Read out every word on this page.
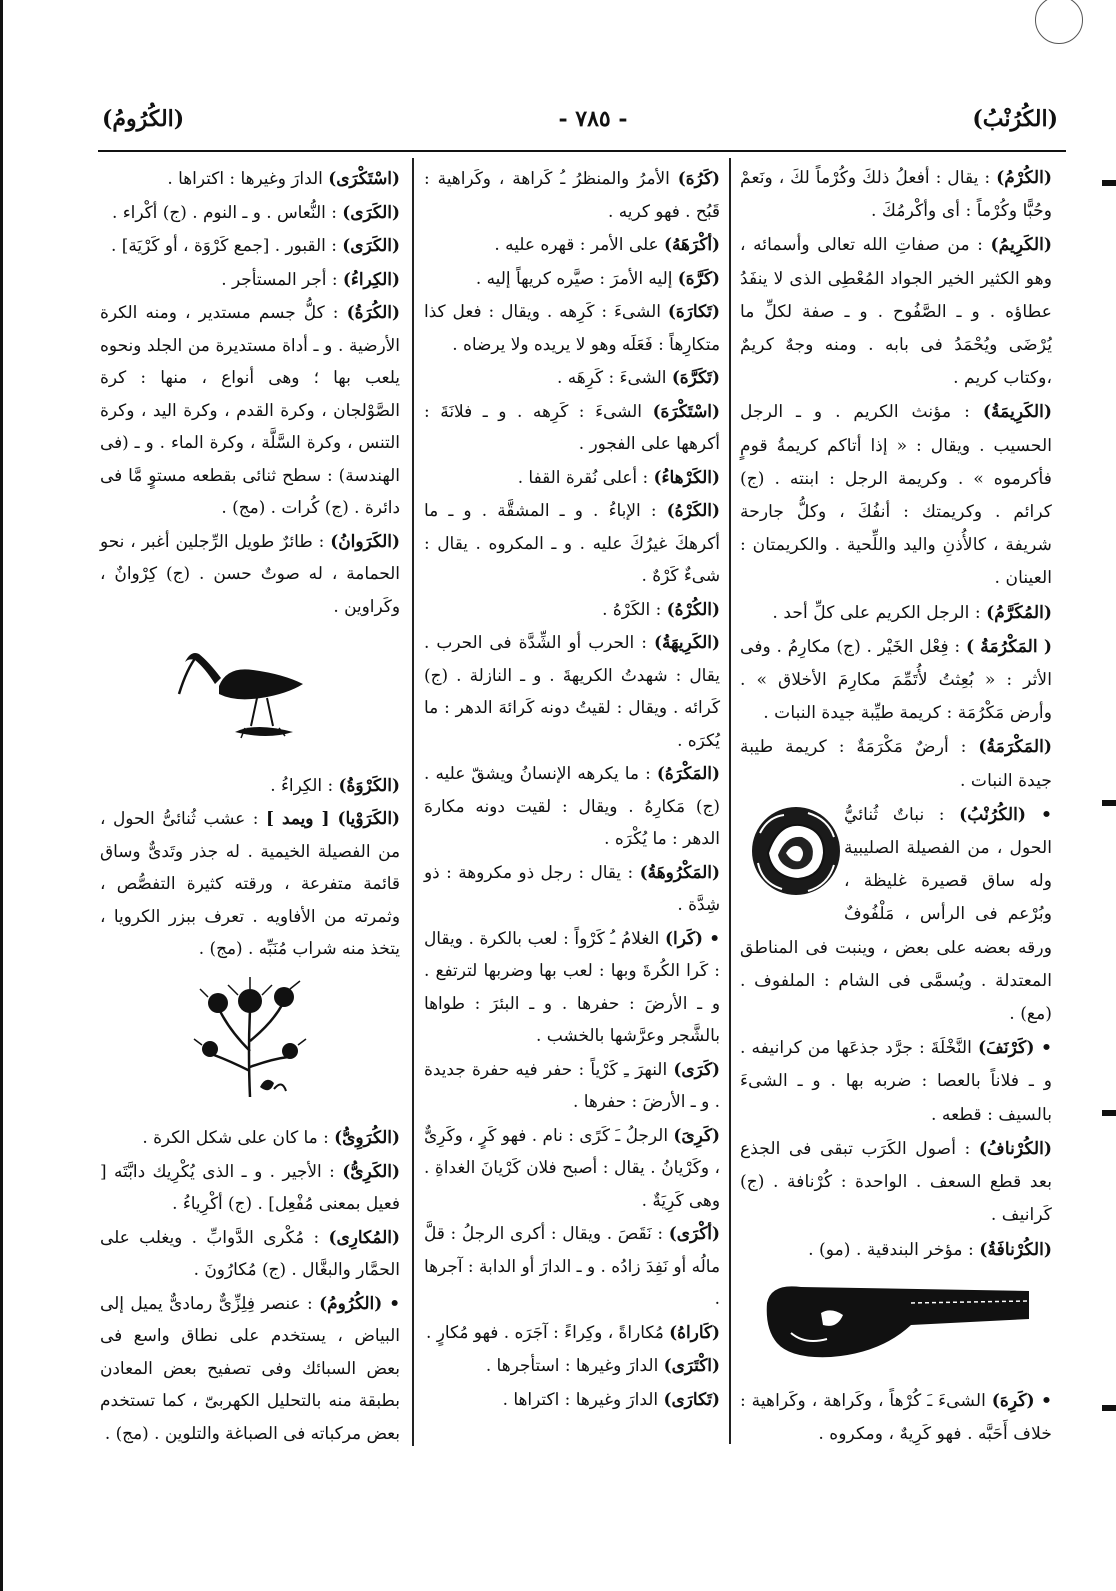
(الكُرُنْبُ)
- ٧٨٥ -
(الكُرُومُ)
(الكُرْمُ) : يقال : أفعلُ ذلكَ وكُرْماً لكَ ، ونَعمْ وحُبًّا وكُرْماً : أى وأكْرمُكَ .
(الكَرِيمُ) : من صفاتِ الله تعالى وأسمائه ، وهو الكثير الخير الجواد المُعْطِى الذى لا ينفَدُ عطاؤه . و ـ الصَّفُوح . و ـ صفة لكلِّ ما يُرْضَى ويُحْمَدُ فى بابه . ومنه وجهٌ كريمٌ ،وكتاب كريم .
(الكَرِيمَةُ) : مؤنث الكريم . و ـ الرجل الحسيب . ويقال : « إذا أتاكم كريمةُ قومٍ فأكرموه » . وكريمة الرجل : ابنته . (ج) كرائم . وكريمتك : أنفُكَ ، وكلُّ جارحة شريفة ، كالأُذنِ واليد واللِّحية . والكريمتان : العينان .
(المُكَرَّمُ) : الرجل الكريم على كلِّ أحد .
( المَكْرُمَةُ ) : فِعْل الخَيْر . (ج) مكارِمُ . وفى الأثر : « بُعِثتُ لأُتَمِّمَ مكارِمَ الأخلاق » . وأرض مَكْرُمَة : كريمة طيِّبة جيدة النبات .
(المَكْرَمَةُ) : أرضٌ مَكْرَمَةٌ : كريمة طيبة جيدة النبات .
• (الكُرُنْبُ) : نباتٌ ثُنائيُّ الحول ، من الفصيلة الصليبية وله ساق قصيرة غليظة ، وبُرْعم فى الرأس ، مَلْفُوفٌ ورقه بعضه على بعض ، وينبت فى المناطق المعتدلة . ويُسمَّى فى الشام : الملفوف . (مع) .
• (كَرْنَفَ) النَّخْلَةَ : جرَّد جذعَها من كرانيفه . و ـ فلاناً بالعصا : ضربه بها . و ـ الشىءَ بالسيف : قطعه .
(الكُرْنافُ) : أصول الكَرَب تبقى فى الجذع بعد قطع السعف . الواحدة : كُرْنافة . (ج) كَرانيف .
(الكُرْنافَةُ) : مؤخر البندقية . (مو) .
• (كَرِهَ) الشىءَ ـَ كُرْهاً ، وكَراهة ، وكَراهية : خلاف أَحَبَّه . فهو كَرِيهٌ ، ومكروه .
(كَرُهَ) الأمرُ والمنظرُ ـُ كَراهة ، وكَراهية : قَبُح . فهو كريه .
(أكْرَهَهُ) على الأمر : قهره عليه .
(كَرَّهَ) إليه الأمرَ : صيَّره كريهاً إليه .
(تَكارَهَ) الشىءَ : كَرِهه . ويقال : فعل كذا متكارِهاً : فَعَلَه وهو لا يريده ولا يرضاه .
(تَكَرَّهَ) الشىءَ : كَرِهَه .
(اسْتَكْرَهَ) الشىءَ : كَرِهه . و ـ فلانَةَ : أكرهها على الفجور .
(الكَرْهاءُ) : أعلى نُقرة القفا .
(الكَرْهُ) : الإباءُ . و ـ المشقَّة . و ـ ما أكرهكَ غيرُكَ عليه . و ـ المكروه . يقال : شىءٌ كَرْهٌ .
(الكُرْهُ) : الكَرْهُ .
(الكَرِيهَةُ) : الحرب أو الشِّدَّة فى الحرب . يقال : شهدتُ الكريهةَ . و ـ النازلة . (ج) كَرائه . ويقال : لقيتُ دونه كَرائهَ الدهر : ما يُكرَه .
(المَكْرَهُ) : ما يكرهه الإنسانُ ويشقّ عليه . (ج) مَكارِهُ . ويقال : لقيت دونه مكارهَ الدهر : ما يُكْرَه .
(المَكْرُوهَةُ) : يقال : رجل ذو مكروهة : ذو شِدَّة .
• (كَرا) الغلامُ ـُ كَرْواً : لعب بالكرة . ويقال : كَرا الكُرةَ وبها : لعب بها وضربها لترتفع . و ـ الأرضَ : حفرها . و ـ البئرَ : طواها بالشَّجر وعرَّشها بالخشب .
(كَرَى) النهرَ ـِ كَرْياً : حفر فيه حفرة جديدة . و ـ الأرضَ : حفرها .
(كَرِىَ) الرجلُ ـَ كَرًى : نام . فهو كَرٍ ، وكَرِىٌّ ، وكَرْيانُ . يقال : أصبح فلان كَرْيانَ الغداةِ . وهى كَرِيَةٌ .
(أكْرَى) : نَقَصَ . ويقال : أكرى الرجلُ : قلَّ مالُه أو نَفِدَ زادُه . و ـ الدارَ أو الدابة : آجرها .
(كَاراهُ) مُكاراةً ، وكِراءً : آجَرَه . فهو مُكارٍ .
(اكْتَرَى) الدارَ وغيرها : استأجرها .
(تَكارَى) الدارَ وغيرها : اكتراها .
(اسْتَكْرَى) الدارَ وغيرها : اكتراها .
(الكَرَى) : النُّعاس . و ـ النوم . (ج) أكْراء .
(الكَرَى) : القبور . [جمع كَرْوَة ، أو كَرْيَة] .
(الكِراءُ) : أجر المستأجر .
(الكُرَةُ) : كلُّ جسم مستدير ، ومنه الكرة الأرضية . و ـ أداة مستديرة من الجلد ونحوه يلعب بها ؛ وهى أنواع ، منها : كرة الصَّوْلجان ، وكرة القدم ، وكرة اليد ، وكرة التنس ، وكرة السَّلَّة ، وكرة الماء . و ـ (فى الهندسة) : سطح ثنائى بقطعه مستوٍ مَّا فى دائرة . (ج) كُرات . (مج) .
(الكَرَوانُ) : طائرٌ طويل الرِّجلين أغبر ، نحو الحمامة ، له صوتٌ حسن . (ج) كِرْوانٌ ، وكَراوين .
(الكَرْوَةُ) : الكِراءُ .
(الكَرَوْيا) [ ويمد ] : عشب ثُنائىُّ الحول ، من الفصيلة الخيمية . له جذر وتَدىٌّ وساق قائمة متفرعة ، ورقته كثيرة التفصُّص ، وثمرته من الأفاويه . تعرف ببزر الكرويا ، يتخذ منه شراب مُنَبِّه . (مج) .
(الكُرَوِىُّ) : ما كان على شكل الكرة .
(الكَرِىُّ) : الأجير . و ـ الذى يُكْرِيك دابَّتَه [ فعيل بمعنى مُفْعِل] . (ج) أكْرِياءُ .
(المُكارِى) : مُكْرى الدَّوابِّ . ويغلب على الحمَّار والبغَّال . (ج) مُكارُونَ .
• (الكُرُومُ) : عنصر فِلِزِّىٌّ رمادىٌّ يميل إلى البياض ، يستخدم على نطاق واسع فى بعض السبائك وفى تصفيح بعض المعادن بطبقة منه بالتحليل الكهربىّ ، كما تستخدم بعض مركباته فى الصباغة والتلوين . (مج) .
